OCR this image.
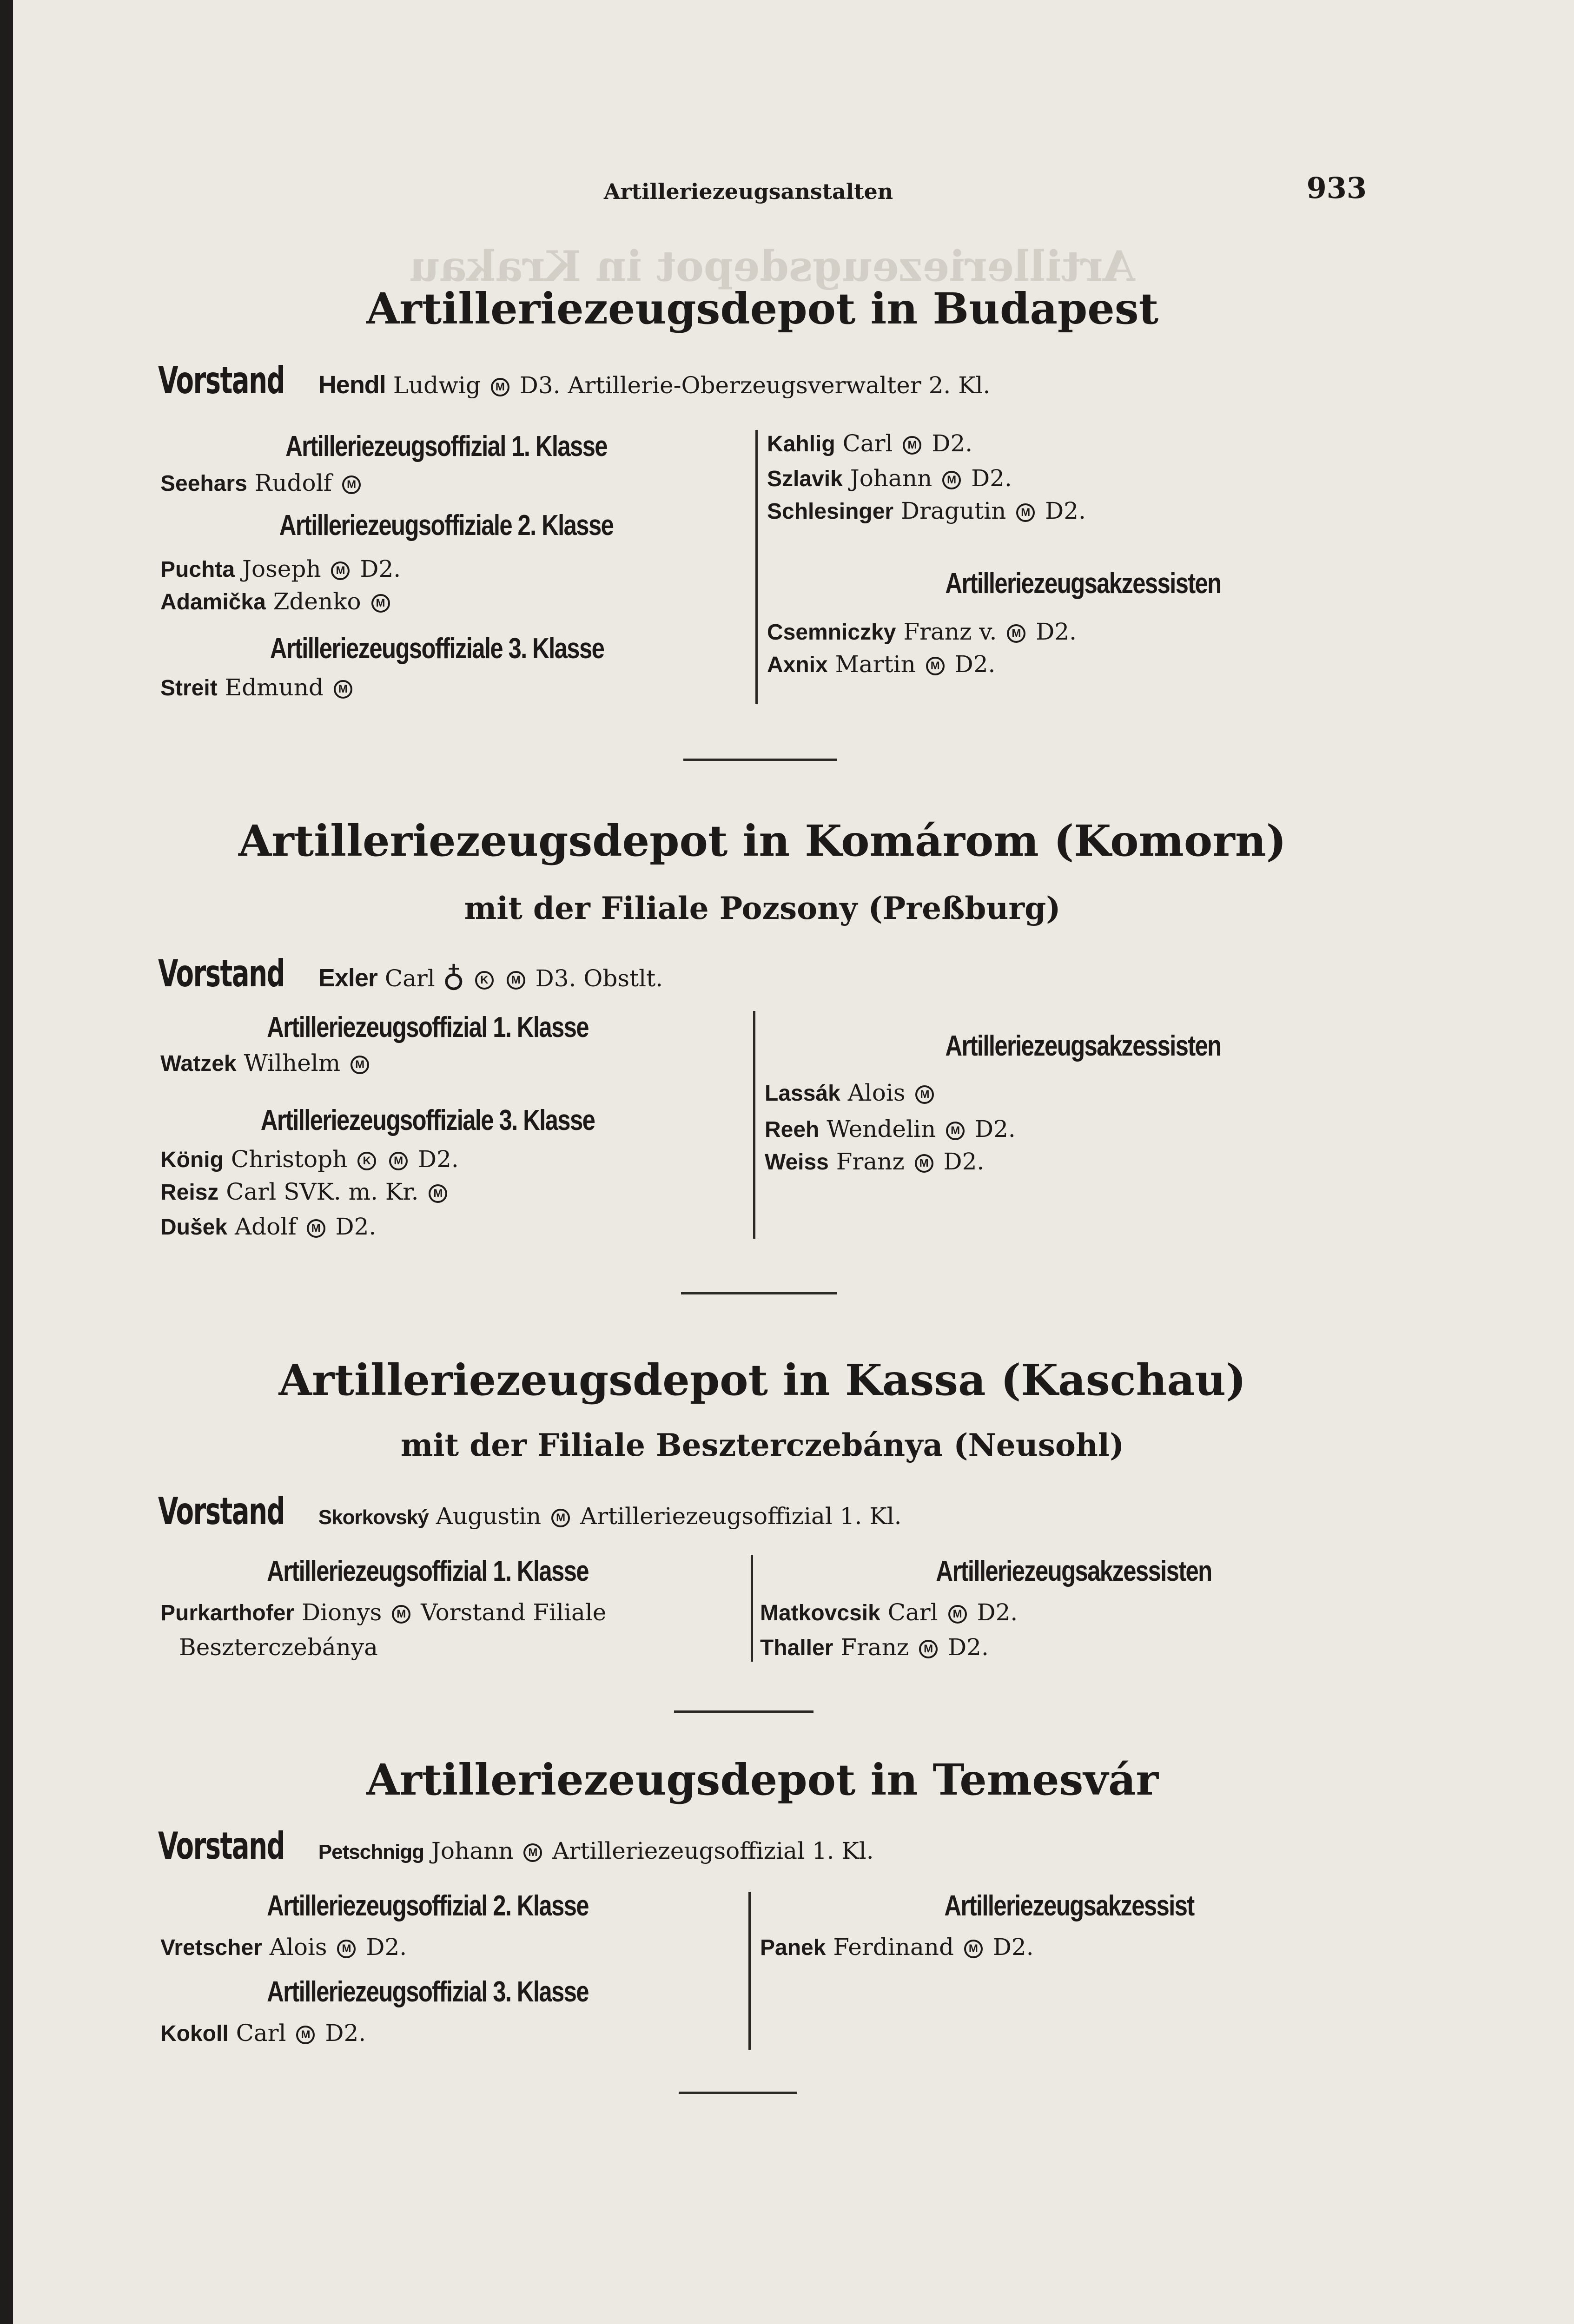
Artilleriezeugsdepot in Krakau
Artilleriezeugsanstalten	933
Artilleriezeugsdepot in Budapest
Vorstand Hendl Ludwig M D3. Artillerie-Oberzeugsverwalter 2. Kl.
Artilleriezeugsoffizial 1. Klasse
Seehars Rudolf M
Artilleriezeugsoffiziale 2. Klasse
Puchta Joseph M D2.
Adamička Zdenko M
Artilleriezeugsoffiziale 3. Klasse
Streit Edmund M
Kahlig Carl M D2.
Szlavik Johann M D2.
Schlesinger Dragutin M D2.
Artilleriezeugsakzessisten
Csemniczky Franz v. M D2.
Axnix Martin M D2.
Artilleriezeugsdepot in Komárom (Komorn)
mit der Filiale Pozsony (Preßburg)
Vorstand Exler Carl ♁ K M D3. Obstlt.
Artilleriezeugsoffizial 1. Klasse
Watzek Wilhelm M
Artilleriezeugsoffiziale 3. Klasse
König Christoph K M D2.
Reisz Carl SVK. m. Kr. M
Dušek Adolf M D2.
Artilleriezeugsakzessisten
Lassák Alois M
Reeh Wendelin M D2.
Weiss Franz M D2.
Artilleriezeugsdepot in Kassa (Kaschau)
mit der Filiale Beszterczebánya (Neusohl)
Vorstand Skorkovský Augustin M Artilleriezeugsoffizial 1. Kl.
Artilleriezeugsoffizial 1. Klasse
Purkarthofer Dionys M Vorstand Filiale
Beszterczebánya
Artilleriezeugsakzessisten
Matkovcsik Carl M D2.
Thaller Franz M D2.
Artilleriezeugsdepot in Temesvár
Vorstand Petschnigg Johann M Artilleriezeugsoffizial 1. Kl.
Artilleriezeugsoffizial 2. Klasse
Vretscher Alois M D2.
Artilleriezeugsoffizial 3. Klasse
Kokoll Carl M D2.
Artilleriezeugsakzessist
Panek Ferdinand M D2.
